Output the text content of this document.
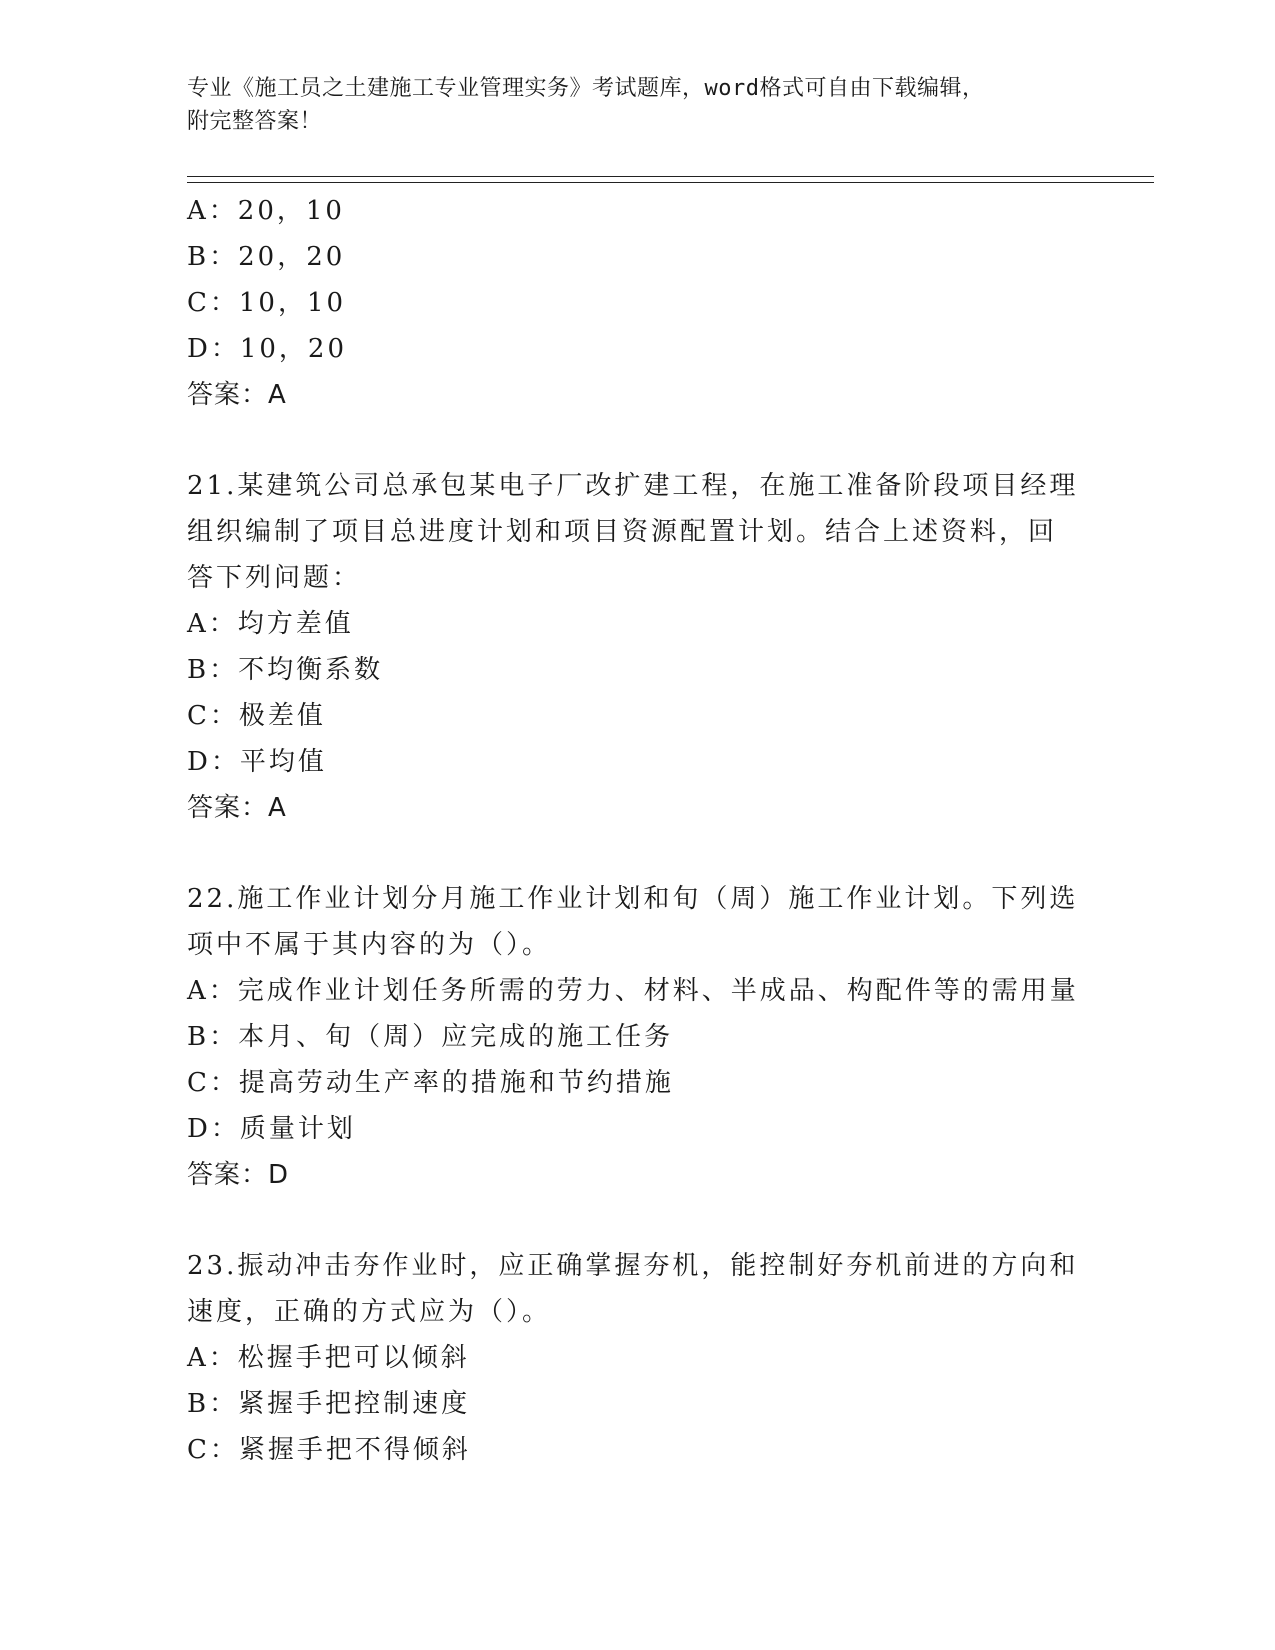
专业《施工员之土建施工专业管理实务》考试题库，word格式可自由下载编辑，
附完整答案！
A：20，10
B：20，20
C：10，10
D：10，20
答案：A
21.某建筑公司总承包某电子厂改扩建工程，在施工准备阶段项目经理
组织编制了项目总进度计划和项目资源配置计划。结合上述资料，回
答下列问题：
A：均方差值
B：不均衡系数
C：极差值
D：平均值
答案：A
22.施工作业计划分月施工作业计划和旬（周）施工作业计划。下列选
项中不属于其内容的为（）。
A：完成作业计划任务所需的劳力、材料、半成品、构配件等的需用量
B：本月、旬（周）应完成的施工任务
C：提高劳动生产率的措施和节约措施
D：质量计划
答案：D
23.振动冲击夯作业时，应正确掌握夯机，能控制好夯机前进的方向和
速度，正确的方式应为（）。
A：松握手把可以倾斜
B：紧握手把控制速度
C：紧握手把不得倾斜
